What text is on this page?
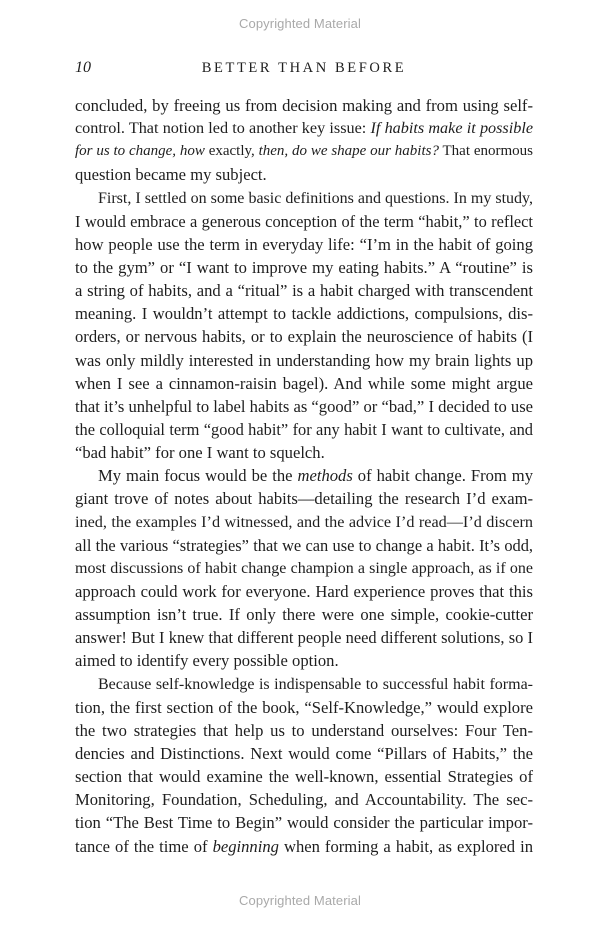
Copyrighted Material
10	BETTER THAN BEFORE
concluded, by freeing us from decision making and from using self-
control. That notion led to another key issue: If habits make it possible
for us to change, how exactly, then, do we shape our habits? That enormous
question became my subject.
First, I settled on some basic definitions and questions. In my study,
I would embrace a generous conception of the term “habit,” to reflect
how people use the term in everyday life: “I’m in the habit of going
to the gym” or “I want to improve my eating habits.” A “routine” is
a string of habits, and a “ritual” is a habit charged with transcendent
meaning. I wouldn’t attempt to tackle addictions, compulsions, dis-
orders, or nervous habits, or to explain the neuroscience of habits (I
was only mildly interested in understanding how my brain lights up
when I see a cinnamon-raisin bagel). And while some might argue
that it’s unhelpful to label habits as “good” or “bad,” I decided to use
the colloquial term “good habit” for any habit I want to cultivate, and
“bad habit” for one I want to squelch.
My main focus would be the methods of habit change. From my
giant trove of notes about habits—detailing the research I’d exam-
ined, the examples I’d witnessed, and the advice I’d read—I’d discern
all the various “strategies” that we can use to change a habit. It’s odd,
most discussions of habit change champion a single approach, as if one
approach could work for everyone. Hard experience proves that this
assumption isn’t true. If only there were one simple, cookie-cutter
answer! But I knew that different people need different solutions, so I
aimed to identify every possible option.
Because self-knowledge is indispensable to successful habit forma-
tion, the first section of the book, “Self-Knowledge,” would explore
the two strategies that help us to understand ourselves: Four Ten-
dencies and Distinctions. Next would come “Pillars of Habits,” the
section that would examine the well-known, essential Strategies of
Monitoring, Foundation, Scheduling, and Accountability. The sec-
tion “The Best Time to Begin” would consider the particular impor-
tance of the time of beginning when forming a habit, as explored in
Copyrighted Material
